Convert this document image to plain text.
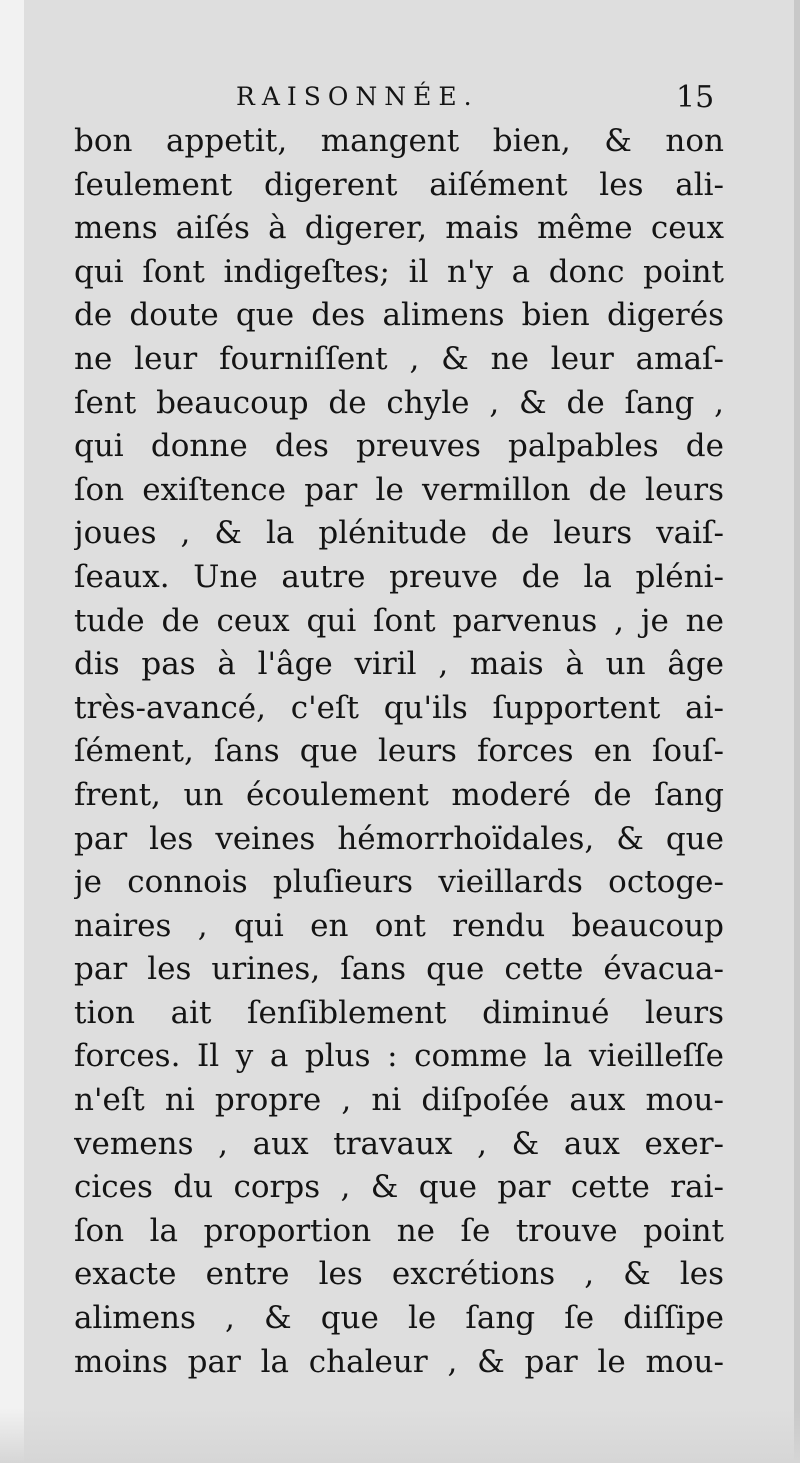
RAISONNÉE.	15
bon appetit, mangent bien, & non
ſeulement digerent aiſément les ali-
mens aiſés à digerer, mais même ceux
qui ſont indigeſtes; il n'y a donc point
de doute que des alimens bien digerés
ne leur fourniſſent , & ne leur amaſ-
ſent beaucoup de chyle , & de ſang ,
qui donne des preuves palpables de
ſon exiſtence par le vermillon de leurs
joues , & la plénitude de leurs vaiſ-
ſeaux. Une autre preuve de la pléni-
tude de ceux qui ſont parvenus , je ne
dis pas à l'âge viril , mais à un âge
très-avancé, c'eſt qu'ils ſupportent ai-
ſément, ſans que leurs forces en ſouſ-
frent, un écoulement moderé de ſang
par les veines hémorrhoïdales, & que
je connois pluſieurs vieillards octoge-
naires , qui en ont rendu beaucoup
par les urines, ſans que cette évacua-
tion ait ſenſiblement diminué leurs
forces. Il y a plus : comme la vieilleſſe
n'eſt ni propre , ni diſpoſée aux mou-
vemens , aux travaux , & aux exer-
cices du corps , & que par cette rai-
ſon la proportion ne ſe trouve point
exacte entre les excrétions , & les
alimens , & que le ſang ſe diſſipe
moins par la chaleur , & par le mou-
